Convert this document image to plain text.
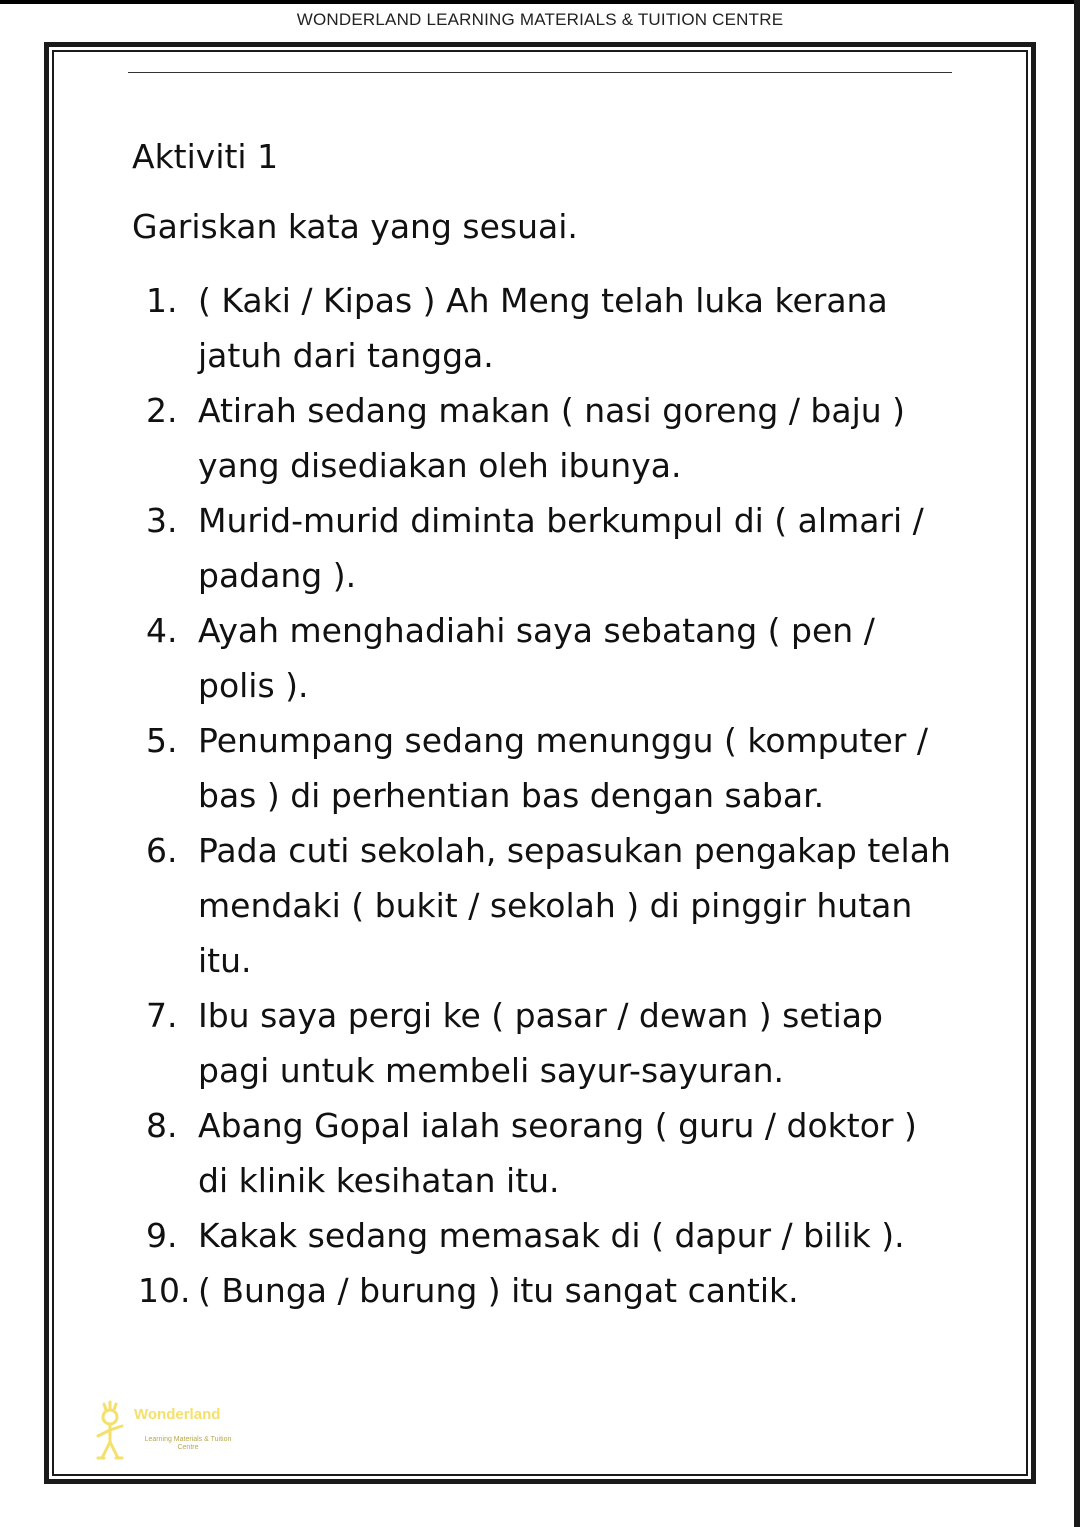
WONDERLAND LEARNING MATERIALS & TUITION CENTRE
Aktiviti 1

Gariskan kata yang sesuai.

1. ( Kaki / Kipas ) Ah Meng telah luka kerana jatuh dari tangga.
2. Atirah sedang makan ( nasi goreng / baju ) yang disediakan oleh ibunya.
3. Murid-murid diminta berkumpul di ( almari / padang ).
4. Ayah menghadiahi saya sebatang ( pen / polis ).
5. Penumpang sedang menunggu ( komputer / bas ) di perhentian bas dengan sabar.
6. Pada cuti sekolah, sepasukan pengakap telah mendaki ( bukit / sekolah ) di pinggir hutan itu.
7. Ibu saya pergi ke ( pasar / dewan ) setiap pagi untuk membeli sayur-sayuran.
8. Abang Gopal ialah seorang ( guru / doktor ) di klinik kesihatan itu.
9. Kakak sedang memasak di ( dapur / bilik ).
10. ( Bunga / burung ) itu sangat cantik.
Wonderland
Learning Materials & Tuition Centre
